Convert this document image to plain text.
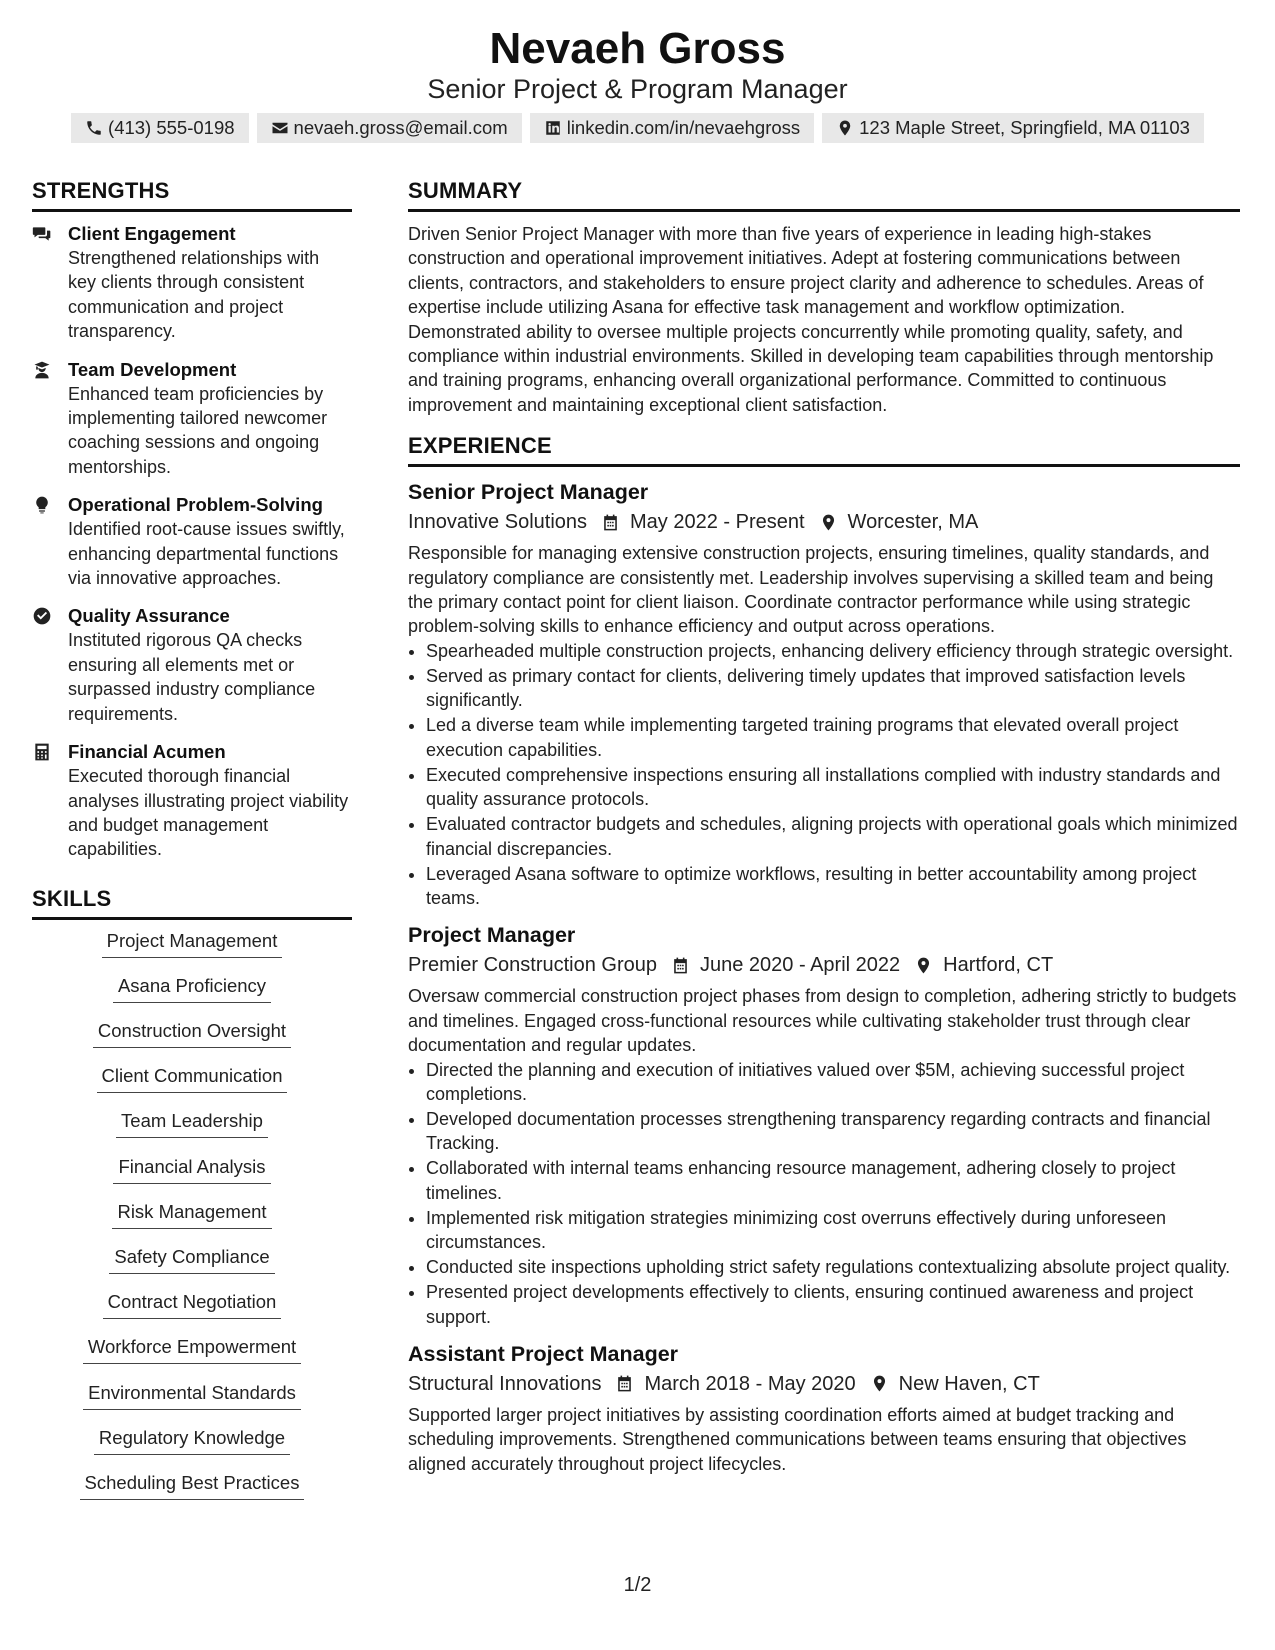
Nevaeh Gross
Senior Project & Program Manager
(413) 555-0198	nevaeh.gross@email.com	linkedin.com/in/nevaehgross	123 Maple Street, Springfield, MA 01103
STRENGTHS
Client Engagement
Strengthened relationships with key clients through consistent communication and project transparency.
Team Development
Enhanced team proficiencies by implementing tailored newcomer coaching sessions and ongoing mentorships.
Operational Problem-Solving
Identified root-cause issues swiftly, enhancing departmental functions via innovative approaches.
Quality Assurance
Instituted rigorous QA checks ensuring all elements met or surpassed industry compliance requirements.
Financial Acumen
Executed thorough financial analyses illustrating project viability and budget management capabilities.
SKILLS
Project Management
Asana Proficiency
Construction Oversight
Client Communication
Team Leadership
Financial Analysis
Risk Management
Safety Compliance
Contract Negotiation
Workforce Empowerment
Environmental Standards
Regulatory Knowledge
Scheduling Best Practices
SUMMARY
Driven Senior Project Manager with more than five years of experience in leading high-stakes construction and operational improvement initiatives. Adept at fostering communications between clients, contractors, and stakeholders to ensure project clarity and adherence to schedules. Areas of expertise include utilizing Asana for effective task management and workflow optimization. Demonstrated ability to oversee multiple projects concurrently while promoting quality, safety, and compliance within industrial environments. Skilled in developing team capabilities through mentorship and training programs, enhancing overall organizational performance. Committed to continuous improvement and maintaining exceptional client satisfaction.
EXPERIENCE
Senior Project Manager
Innovative Solutions May 2022 - Present Worcester, MA
Responsible for managing extensive construction projects, ensuring timelines, quality standards, and regulatory compliance are consistently met. Leadership involves supervising a skilled team and being the primary contact point for client liaison. Coordinate contractor performance while using strategic problem-solving skills to enhance efficiency and output across operations.
• Spearheaded multiple construction projects, enhancing delivery efficiency through strategic oversight.
• Served as primary contact for clients, delivering timely updates that improved satisfaction levels significantly.
• Led a diverse team while implementing targeted training programs that elevated overall project execution capabilities.
• Executed comprehensive inspections ensuring all installations complied with industry standards and quality assurance protocols.
• Evaluated contractor budgets and schedules, aligning projects with operational goals which minimized financial discrepancies.
• Leveraged Asana software to optimize workflows, resulting in better accountability among project teams.
Project Manager
Premier Construction Group June 2020 - April 2022 Hartford, CT
Oversaw commercial construction project phases from design to completion, adhering strictly to budgets and timelines. Engaged cross-functional resources while cultivating stakeholder trust through clear documentation and regular updates.
• Directed the planning and execution of initiatives valued over $5M, achieving successful project completions.
• Developed documentation processes strengthening transparency regarding contracts and financial Tracking.
• Collaborated with internal teams enhancing resource management, adhering closely to project timelines.
• Implemented risk mitigation strategies minimizing cost overruns effectively during unforeseen circumstances.
• Conducted site inspections upholding strict safety regulations contextualizing absolute project quality.
• Presented project developments effectively to clients, ensuring continued awareness and project support.
Assistant Project Manager
Structural Innovations March 2018 - May 2020 New Haven, CT
Supported larger project initiatives by assisting coordination efforts aimed at budget tracking and scheduling improvements. Strengthened communications between teams ensuring that objectives aligned accurately throughout project lifecycles.
1/2
